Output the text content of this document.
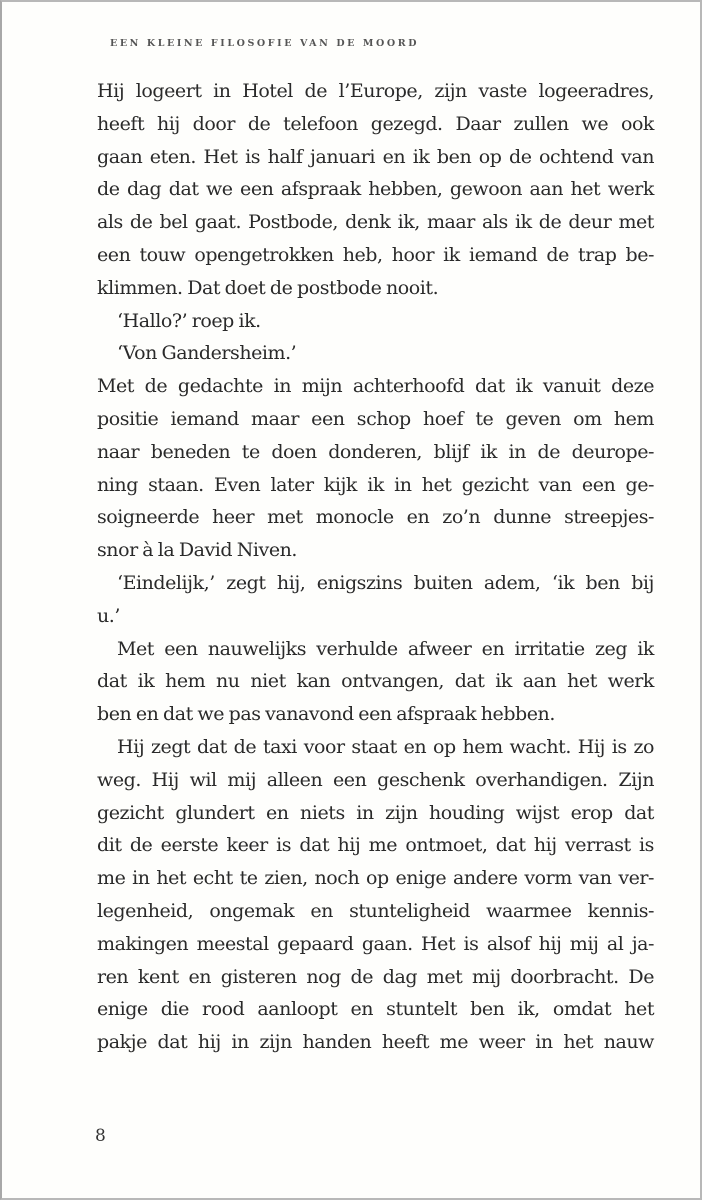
EEN KLEINE FILOSOFIE VAN DE MOORD
Hij logeert in Hotel de l’Europe, zijn vaste logeeradres,
heeft hij door de telefoon gezegd. Daar zullen we ook
gaan eten. Het is half januari en ik ben op de ochtend van
de dag dat we een afspraak hebben, gewoon aan het werk
als de bel gaat. Postbode, denk ik, maar als ik de deur met
een touw opengetrokken heb, hoor ik iemand de trap be-
klimmen. Dat doet de postbode nooit.
‘Hallo?’ roep ik.
‘Von Gandersheim.’
Met de gedachte in mijn achterhoofd dat ik vanuit deze
positie iemand maar een schop hoef te geven om hem
naar beneden te doen donderen, blijf ik in de deurope-
ning staan. Even later kijk ik in het gezicht van een ge-
soigneerde heer met monocle en zo’n dunne streepjes-
snor à la David Niven.
‘Eindelijk,’ zegt hij, enigszins buiten adem, ‘ik ben bij
u.’
Met een nauwelijks verhulde afweer en irritatie zeg ik
dat ik hem nu niet kan ontvangen, dat ik aan het werk
ben en dat we pas vanavond een afspraak hebben.
Hij zegt dat de taxi voor staat en op hem wacht. Hij is zo
weg. Hij wil mij alleen een geschenk overhandigen. Zijn
gezicht glundert en niets in zijn houding wijst erop dat
dit de eerste keer is dat hij me ontmoet, dat hij verrast is
me in het echt te zien, noch op enige andere vorm van ver-
legenheid, ongemak en stunteligheid waarmee kennis-
makingen meestal gepaard gaan. Het is alsof hij mij al ja-
ren kent en gisteren nog de dag met mij doorbracht. De
enige die rood aanloopt en stuntelt ben ik, omdat het
pakje dat hij in zijn handen heeft me weer in het nauw
8
